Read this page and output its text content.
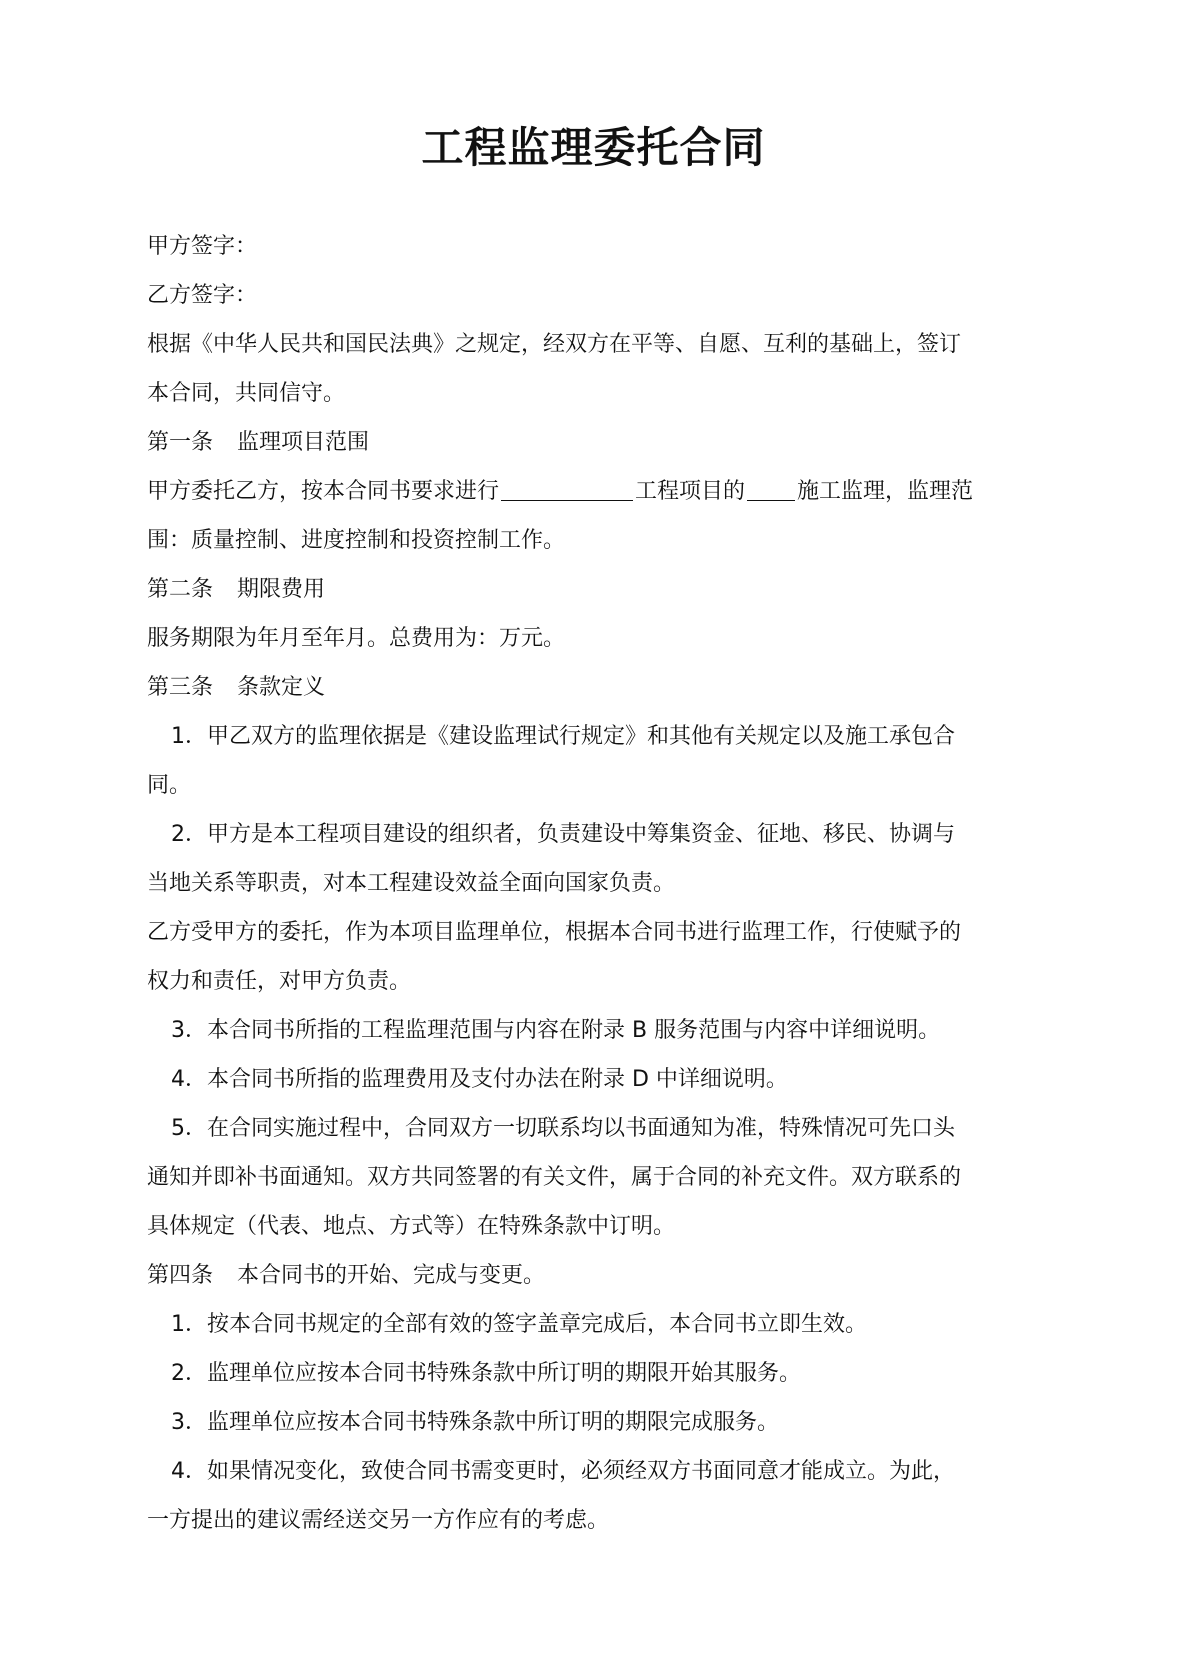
工程监理委托合同

甲方签字：

乙方签字：

根据《中华人民共和国民法典》之规定，经双方在平等、自愿、互利的基础上，签订

本合同，共同信守。

第一条 监理项目范围

甲方委托乙方，按本合同书要求进行	工程项目的 施工监理，监理范

围：质量控制、进度控制和投资控制工作。

第二条 期限费用

服务期限为年月至年月。总费用为：万元。

第三条 条款定义

1．甲乙双方的监理依据是《建设监理试行规定》和其他有关规定以及施工承包合

同。

2．甲方是本工程项目建设的组织者，负责建设中筹集资金、征地、移民、协调与

当地关系等职责，对本工程建设效益全面向国家负责。

乙方受甲方的委托，作为本项目监理单位，根据本合同书进行监理工作，行使赋予的

权力和责任，对甲方负责。

3．本合同书所指的工程监理范围与内容在附录 B 服务范围与内容中详细说明。

4．本合同书所指的监理费用及支付办法在附录 D 中详细说明。

5．在合同实施过程中，合同双方一切联系均以书面通知为准，特殊情况可先口头

通知并即补书面通知。双方共同签署的有关文件，属于合同的补充文件。双方联系的

具体规定（代表、地点、方式等）在特殊条款中订明。

第四条 本合同书的开始、完成与变更。

1．按本合同书规定的全部有效的签字盖章完成后，本合同书立即生效。

2．监理单位应按本合同书特殊条款中所订明的期限开始其服务。

3．监理单位应按本合同书特殊条款中所订明的期限完成服务。

4．如果情况变化，致使合同书需变更时，必须经双方书面同意才能成立。为此，

一方提出的建议需经送交另一方作应有的考虑。
